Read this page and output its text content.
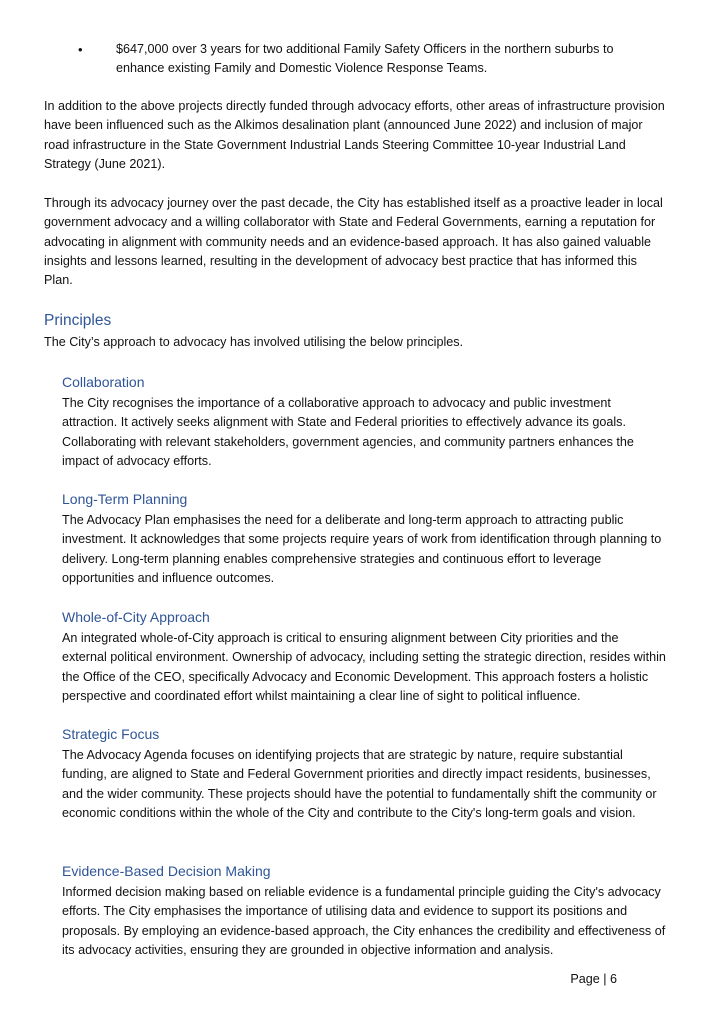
•	$647,000 over 3 years for two additional Family Safety Officers in the northern suburbs to enhance existing Family and Domestic Violence Response Teams.

In addition to the above projects directly funded through advocacy efforts, other areas of infrastructure provision have been influenced such as the Alkimos desalination plant (announced June 2022) and inclusion of major road infrastructure in the State Government Industrial Lands Steering Committee 10-year Industrial Land Strategy (June 2021).

Through its advocacy journey over the past decade, the City has established itself as a proactive leader in local government advocacy and a willing collaborator with State and Federal Governments, earning a reputation for advocating in alignment with community needs and an evidence-based approach. It has also gained valuable insights and lessons learned, resulting in the development of advocacy best practice that has informed this Plan.

Principles

The City’s approach to advocacy has involved utilising the below principles.

Collaboration

The City recognises the importance of a collaborative approach to advocacy and public investment attraction. It actively seeks alignment with State and Federal priorities to effectively advance its goals. Collaborating with relevant stakeholders, government agencies, and community partners enhances the impact of advocacy efforts.

Long-Term Planning

The Advocacy Plan emphasises the need for a deliberate and long-term approach to attracting public investment. It acknowledges that some projects require years of work from identification through planning to delivery. Long-term planning enables comprehensive strategies and continuous effort to leverage opportunities and influence outcomes.

Whole-of-City Approach

An integrated whole-of-City approach is critical to ensuring alignment between City priorities and the external political environment. Ownership of advocacy, including setting the strategic direction, resides within the Office of the CEO, specifically Advocacy and Economic Development. This approach fosters a holistic perspective and coordinated effort whilst maintaining a clear line of sight to political influence.

Strategic Focus

The Advocacy Agenda focuses on identifying projects that are strategic by nature, require substantial funding, are aligned to State and Federal Government priorities and directly impact residents, businesses, and the wider community. These projects should have the potential to fundamentally shift the community or economic conditions within the whole of the City and contribute to the City's long-term goals and vision.

Evidence-Based Decision Making

Informed decision making based on reliable evidence is a fundamental principle guiding the City's advocacy efforts. The City emphasises the importance of utilising data and evidence to support its positions and proposals. By employing an evidence-based approach, the City enhances the credibility and effectiveness of its advocacy activities, ensuring they are grounded in objective information and analysis.

Page | 6
